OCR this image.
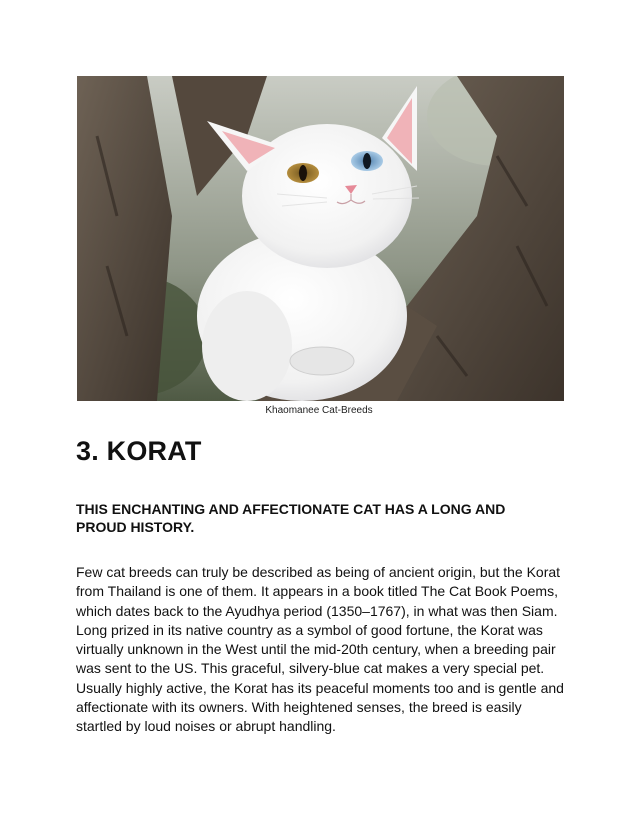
Khaomanee Cat-Breeds
3. KORAT
THIS ENCHANTING AND AFFECTIONATE CAT HAS A LONG AND PROUD HISTORY.

Few cat breeds can truly be described as being of ancient origin, but the Korat from Thailand is one of them. It appears in a book titled The Cat Book Poems, which dates back to the Ayudhya period (1350–1767), in what was then Siam. Long prized in its native country as a symbol of good fortune, the Korat was virtually unknown in the West until the mid-20th century, when a breeding pair was sent to the US. This graceful, silvery-blue cat makes a very special pet. Usually highly active, the Korat has its peaceful moments too and is gentle and affectionate with its owners. With heightened senses, the breed is easily startled by loud noises or abrupt handling.
